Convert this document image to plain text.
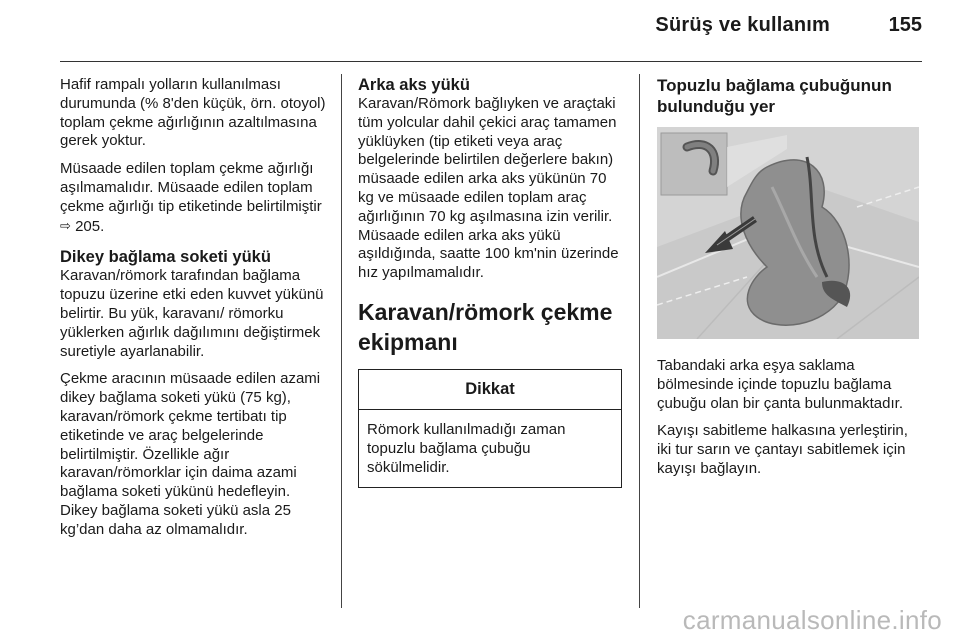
Sürüş ve kullanım	155

Hafif rampalı yolların kullanılması durumunda (% 8'den küçük, örn. otoyol) toplam çekme ağırlığının azaltılmasına gerek yoktur.

Müsaade edilen toplam çekme ağırlığı aşılmamalıdır. Müsaade edilen toplam çekme ağırlığı tip etiketinde belirtilmiştir ⇨ 205.

Dikey bağlama soketi yükü

Karavan/römork tarafından bağlama topuzu üzerine etki eden kuvvet yükünü belirtir. Bu yük, karavanı/ römorku yüklerken ağırlık dağılımını değiştirmek suretiyle ayarlanabilir.

Çekme aracının müsaade edilen azami dikey bağlama soketi yükü (75 kg), karavan/römork çekme tertibatı tip etiketinde ve araç belgelerinde belirtilmiştir. Özellikle ağır karavan/römorklar için daima azami bağlama soketi yükünü hedefleyin. Dikey bağlama soketi yükü asla 25 kg’dan daha az olmamalıdır.

Arka aks yükü

Karavan/Römork bağlıyken ve araçtaki tüm yolcular dahil çekici araç tamamen yüklüyken (tip etiketi veya araç belgelerinde belirtilen değerlere bakın) müsaade edilen arka aks yükünün 70 kg ve müsaade edilen toplam araç ağırlığının 70 kg aşılmasına izin verilir. Müsaade edilen arka aks yükü aşıldığında, saatte 100 km'nin üzerinde hız yapılmamalıdır.

Karavan/römork çekme ekipmanı
Dikkat

Römork kullanılmadığı zaman topuzlu bağlama çubuğu sökülmelidir.

Topuzlu bağlama çubuğunun bulunduğu yer

Tabandaki arka eşya saklama bölmesinde içinde topuzlu bağlama çubuğu olan bir çanta bulunmaktadır.

Kayışı sabitleme halkasına yerleştirin, iki tur sarın ve çantayı sabitlemek için kayışı bağlayın.

carmanualsonline.info
